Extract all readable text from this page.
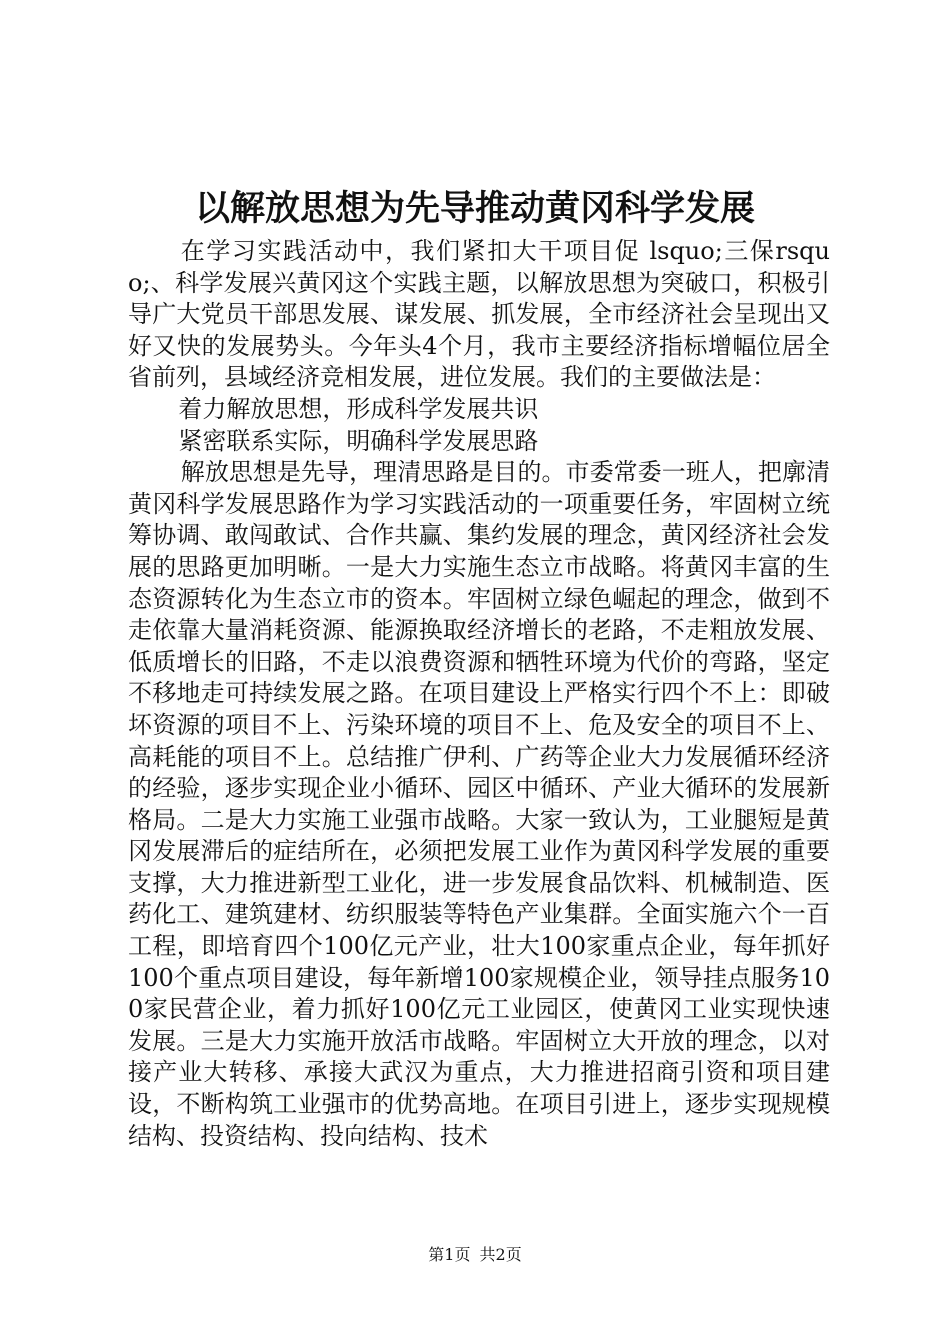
以解放思想为先导推动黄冈科学发展

在学习实践活动中，我们紧扣大干项目促 lsquo;三保rsquo;、科学发展兴黄冈这个实践主题，以解放思想为突破口，积极引导广大党员干部思发展、谋发展、抓发展，全市经济社会呈现出又好又快的发展势头。今年头4个月，我市主要经济指标增幅位居全省前列，县域经济竞相发展，进位发展。我们的主要做法是：

着力解放思想，形成科学发展共识

紧密联系实际，明确科学发展思路

解放思想是先导，理清思路是目的。市委常委一班人，把廓清黄冈科学发展思路作为学习实践活动的一项重要任务，牢固树立统筹协调、敢闯敢试、合作共赢、集约发展的理念，黄冈经济社会发展的思路更加明晰。一是大力实施生态立市战略。将黄冈丰富的生态资源转化为生态立市的资本。牢固树立绿色崛起的理念，做到不走依靠大量消耗资源、能源换取经济增长的老路，不走粗放发展、低质增长的旧路，不走以浪费资源和牺牲环境为代价的弯路，坚定不移地走可持续发展之路。在项目建设上严格实行四个不上：即破坏资源的项目不上、污染环境的项目不上、危及安全的项目不上、高耗能的项目不上。总结推广伊利、广药等企业大力发展循环经济的经验，逐步实现企业小循环、园区中循环、产业大循环的发展新格局。二是大力实施工业强市战略。大家一致认为，工业腿短是黄冈发展滞后的症结所在，必须把发展工业作为黄冈科学发展的重要支撑，大力推进新型工业化，进一步发展食品饮料、机械制造、医药化工、建筑建材、纺织服装等特色产业集群。全面实施六个一百工程，即培育四个100亿元产业，壮大100家重点企业，每年抓好100个重点项目建设，每年新增100家规模企业，领导挂点服务100家民营企业，着力抓好100亿元工业园区，使黄冈工业实现快速发展。三是大力实施开放活市战略。牢固树立大开放的理念，以对接产业大转移、承接大武汉为重点，大力推进招商引资和项目建设，不断构筑工业强市的优势高地。在项目引进上，逐步实现规模结构、投资结构、投向结构、技术

第1页 共2页
